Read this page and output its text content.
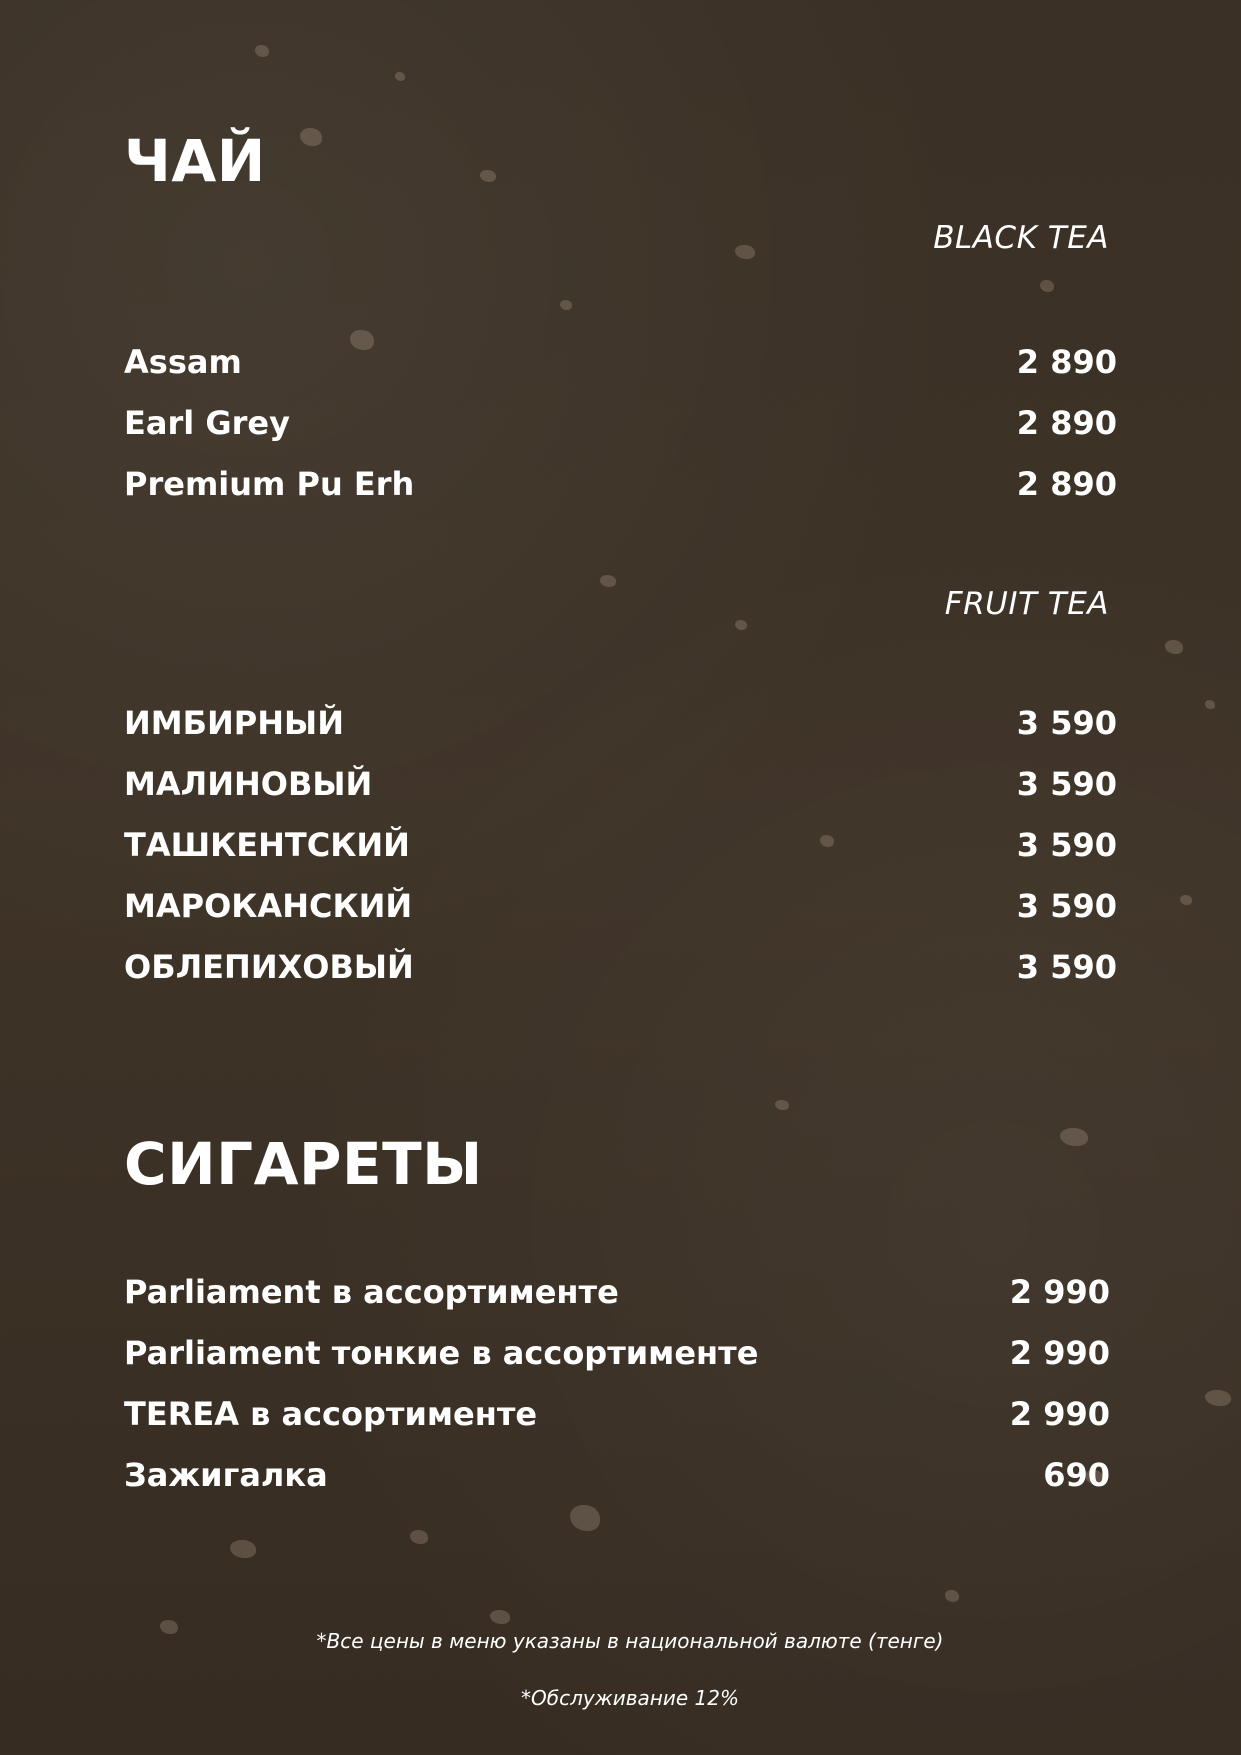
ЧАЙ
BLACK TEA
Assam	2 890
Earl Grey	2 890
Premium Pu Erh	2 890
FRUIT TEA
ИМБИРНЫЙ	3 590
МАЛИНОВЫЙ	3 590
ТАШКЕНТСКИЙ	3 590
МАРОКАНСКИЙ	3 590
ОБЛЕПИХОВЫЙ	3 590
СИГАРЕТЫ
Parliament в ассортименте	2 990
Parliament тонкие в ассортименте	2 990
TEREA в ассортименте	2 990
Зажигалка	690
*Все цены в меню указаны в национальной валюте (тенге)
*Обслуживание 12%
